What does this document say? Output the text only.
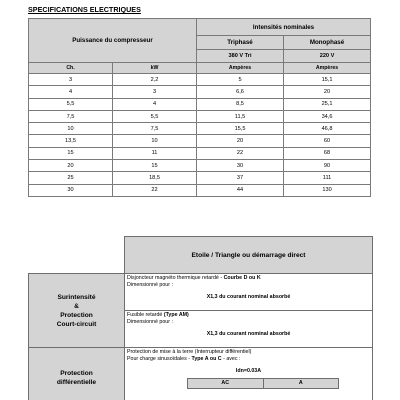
SPECIFICATIONS ELECTRIQUES
Puissance du compresseur		Intensités nominales	
		Triphasé	Monophasé
		380 V Tri	220 V
Ch.	kW	Ampères	Ampères
3	2,2	5	15,1
4	3	6,6	20
5,5	4	8,5	25,1
7,5	5,5	11,5	34,6
10	7,5	15,5	46,8
13,5	10	20	60
15	11	22	68
20	15	30	90
25	18,5	37	111
30	22	44	130
	Etoile / Triangle ou démarrage direct
Surintensité
&
Protection
Court-circuit	Disjoncteur magnéto thermique retardé - Courbe D ou K
Dimensionné pour :
X1,3 du courant nominal absorbé

Fusible retardé (Type AM)
Dimensionné pour :
X1,3 du courant nominal absorbé

Protection
différentielle	Protection de mise à la terre (Interrupteur différentiel)
Pour charge sinusoïdales - Type A ou C - avec :
Idn=0.03A
AC	A
